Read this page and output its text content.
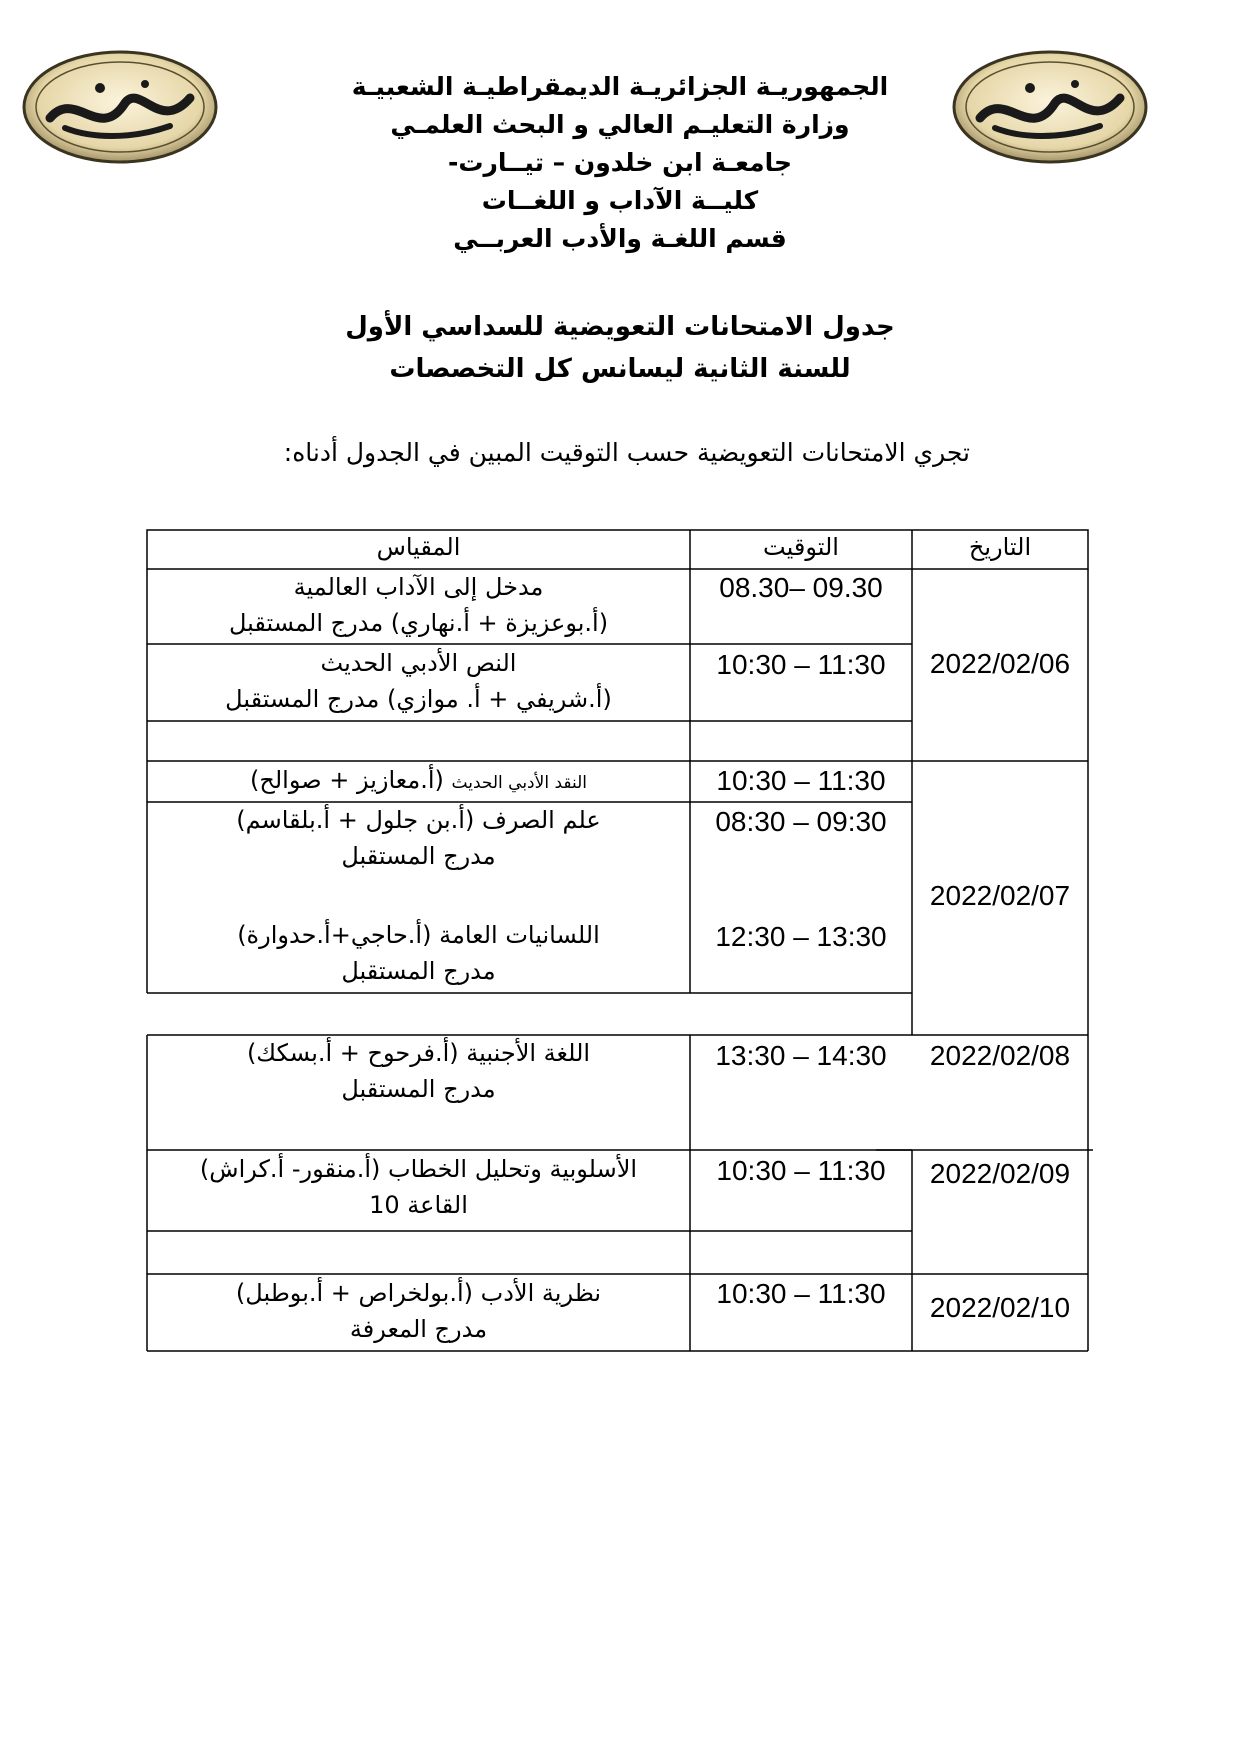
الجمهوريـة الجزائريـة الديمقراطيـة الشعبيـة
وزارة التعليـم العالي و البحث العلمـي
جامعـة ابن خلدون – تيــارت-
كليــة الآداب و اللغــات
قسم اللغـة والأدب العربــي
جدول الامتحانات التعويضية للسداسي الأول
للسنة الثانية ليسانس كل التخصصات
تجري الامتحانات التعويضية حسب التوقيت المبين في الجدول أدناه:
التاريخ
التوقيت
المقياس
2022/02/06
2022/02/07
2022/02/08
2022/02/09
2022/02/10
08.30– 09.30
مدخل إلى الآداب العالمية
(أ.بوعزيزة + أ.نهاري) مدرج المستقبل
10:30 – 11:30
النص الأدبي الحديث
(أ.شريفي + أ. موازي) مدرج المستقبل
10:30 – 11:30
النقد الأدبي الحديث (أ.معازيز + صوالح)
08:30 – 09:30
علم الصرف (أ.بن جلول + أ.بلقاسم)
مدرج المستقبل
12:30 – 13:30
اللسانيات العامة (أ.حاجي+أ.حدوارة)
مدرج المستقبل
13:30 – 14:30
اللغة الأجنبية (أ.فرحوح + أ.بسكك)
مدرج المستقبل
10:30 – 11:30
الأسلوبية وتحليل الخطاب (أ.منقور- أ.كراش)
القاعة 10
10:30 – 11:30
نظرية الأدب (أ.بولخراص + أ.بوطبل)
مدرج المعرفة
